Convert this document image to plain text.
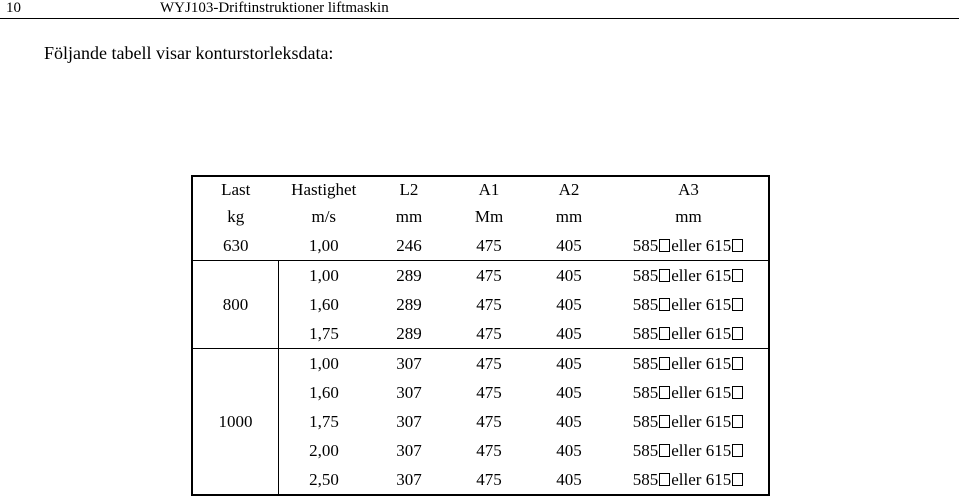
10	WYJ103-Driftinstruktioner liftmaskin
Följande tabell visar konturstorleksdata:
Last	Hastighet	L2	A1	A2	A3
kg	m/s	mm	Mm	mm	mm
630	1,00	246	475	405	585 eller 615
800	1,00	289	475	405	585 eller 615
	1,60	289	475	405	585 eller 615
	1,75	289	475	405	585 eller 615
1000	1,00	307	475	405	585 eller 615
	1,60	307	475	405	585 eller 615
	1,75	307	475	405	585 eller 615
	2,00	307	475	405	585 eller 615
	2,50	307	475	405	585 eller 615
